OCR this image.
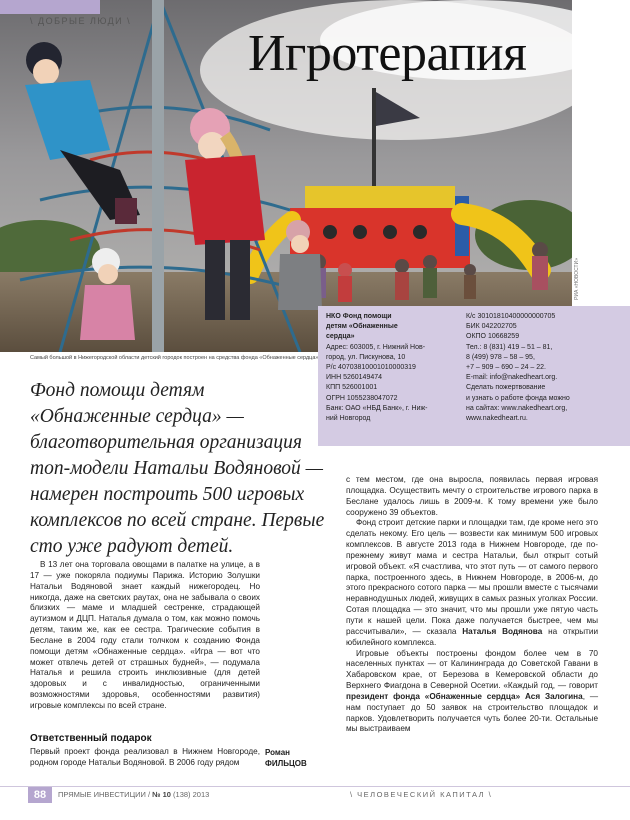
\ ДОБРЫЕ ЛЮДИ \
Игротерапия
РИА «НОВОСТИ»
Самый большой в Нижегородской области детский городок построен на средства фонда «Обнаженные сердца»
НКО Фонд помощи
детям «Обнаженные
сердца»
Адрес: 603005, г. Нижний Нов-
город, ул. Пискунова, 10
Р/с 40703810001010000319
ИНН 5260149474
КПП 526001001
ОГРН 1055238047072
Банк: ОАО «НБД Банк», г. Ниж-
ний Новгород
К/с 30101810400000000705
БИК 042202705
ОКПО 10668259
Тел.: 8 (831) 419 – 51 – 81,
8 (499) 978 – 58 – 95,
+7 – 909 – 690 – 24 – 22.
E-mail: info@nakedheart.org.
Сделать пожертвование
и узнать о работе фонда можно
на сайтах: www.nakedheart.org,
www.nakedheart.ru.
Фонд помощи детям «Обнаженные сердца» — благотворительная организация топ-модели Натальи Водяновой — намерен построить 500 игровых комплексов по всей стране. Первые сто уже радуют детей.

В 13 лет она торговала овощами в палатке на улице, а в 17 — уже покоряла подиумы Парижа. Историю Золушки Натальи Водяновой знает каждый нижегородец. Но никогда, даже на светских раутах, она не забывала о своих близких — маме и младшей сестренке, страдающей аутизмом и ДЦП. Наталья думала о том, как можно помочь детям, таким же, как ее сестра. Трагические события в Беслане в 2004 году стали толчком к созданию Фонда помощи детям «Обнаженные сердца». «Игра — вот что может отвлечь детей от страшных будней», — подумала Наталья и решила строить инклюзивные (для детей здоровых и с инвалидностью, ограниченными возможностями здоровья, особенностями развития) игровые комплексы по всей стране.

Ответственный подарок

Первый проект фонда реализовал в Нижнем Новгороде, родном городе Натальи Водяновой. В 2006 году рядом

Роман
ФИЛЬЦОВ

с тем местом, где она выросла, появилась первая игровая площадка. Осуществить мечту о строительстве игрового парка в Беслане удалось лишь в 2009-м. К тому времени уже было сооружено 39 объектов.

Фонд строит детские парки и площадки там, где кроме него это сделать некому. Его цель — возвести как минимум 500 игровых комплексов. В августе 2013 года в Нижнем Новгороде, где по-прежнему живут мама и сестра Натальи, был открыт сотый игровой объект. «Я счастлива, что этот путь — от самого первого парка, построенного здесь, в Нижнем Новгороде, в 2006-м, до этого прекрасного сотого парка — мы прошли вместе с тысячами неравнодушных людей, живущих в самых разных уголках России. Сотая площадка — это значит, что мы прошли уже пятую часть пути к нашей цели. Пока даже получается быстрее, чем мы рассчитывали», — сказала Наталья Водянова на открытии юбилейного комплекса.

Игровые объекты построены фондом более чем в 70 населенных пунктах — от Калининграда до Советской Гавани в Хабаровском крае, от Березова в Кемеровской области до Верхнего Фиагдона в Северной Осетии. «Каждый год, — говорит президент фонда «Обнаженные сердца» Ася Залогина, — нам поступает до 50 заявок на строительство площадок и парков. Удовлетворить получается чуть более 20-ти. Остальные мы выстраиваем

88	ПРЯМЫЕ ИНВЕСТИЦИИ / № 10 (138) 2013	\ ЧЕЛОВЕЧЕСКИЙ КАПИТАЛ \
